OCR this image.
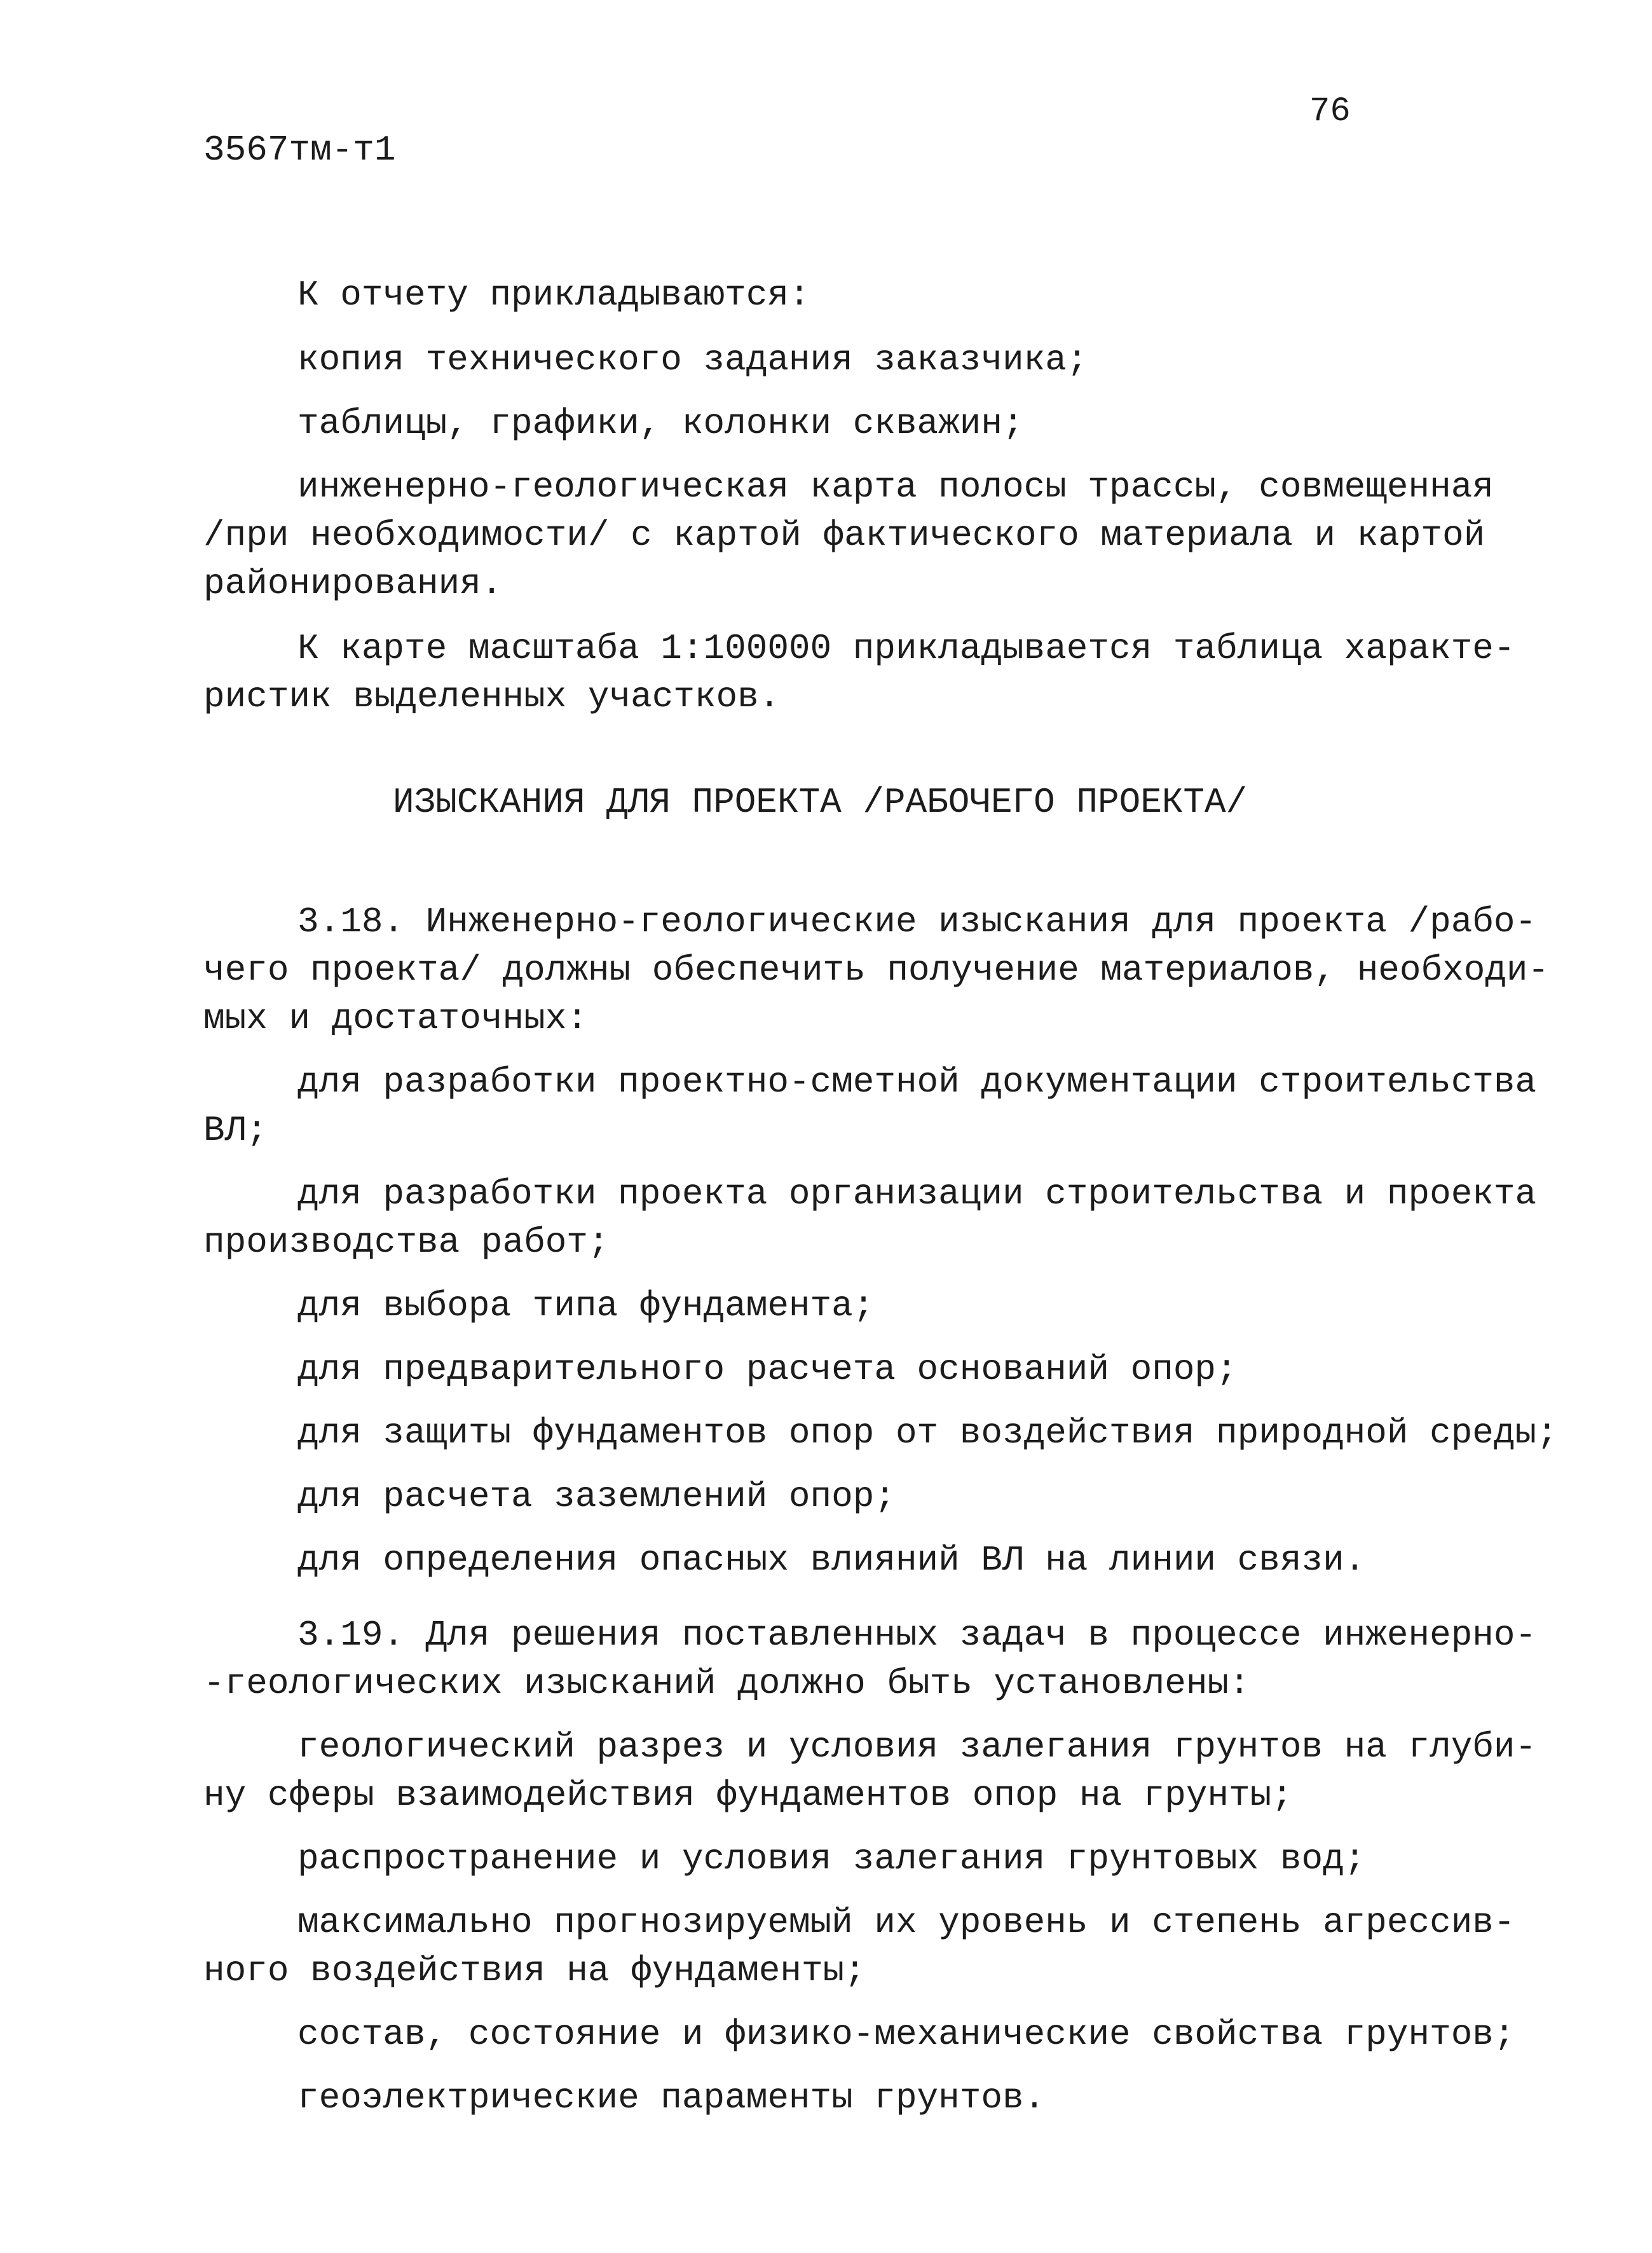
76
3567тм-т1
К отчету прикладываются:
копия технического задания заказчика;
таблицы, графики, колонки скважин;
инженерно-геологическая карта полосы трассы, совмещенная
/при необходимости/ с картой фактического материала и картой
районирования.
К карте масштаба 1:100000 прикладывается таблица характе-
ристик выделенных участков.
ИЗЫСКАНИЯ ДЛЯ ПРОЕКТА /РАБОЧЕГО ПРОЕКТА/
3.18. Инженерно-геологические изыскания для проекта /рабо-
чего проекта/ должны обеспечить получение материалов, необходи-
мых и достаточных:
для разработки проектно-сметной документации строительства
ВЛ;
для разработки проекта организации строительства и проекта
производства работ;
для выбора типа фундамента;
для предварительного расчета оснований опор;
для защиты фундаментов опор от воздействия природной среды;
для расчета заземлений опор;
для определения опасных влияний ВЛ на линии связи.
3.19. Для решения поставленных задач в процессе инженерно-
-геологических изысканий должно быть установлены:
геологический разрез и условия залегания грунтов на глуби-
ну сферы взаимодействия фундаментов опор на грунты;
распространение и условия залегания грунтовых вод;
максимально прогнозируемый их уровень и степень агрессив-
ного воздействия на фундаменты;
состав, состояние и физико-механические свойства грунтов;
геоэлектрические параменты грунтов.
